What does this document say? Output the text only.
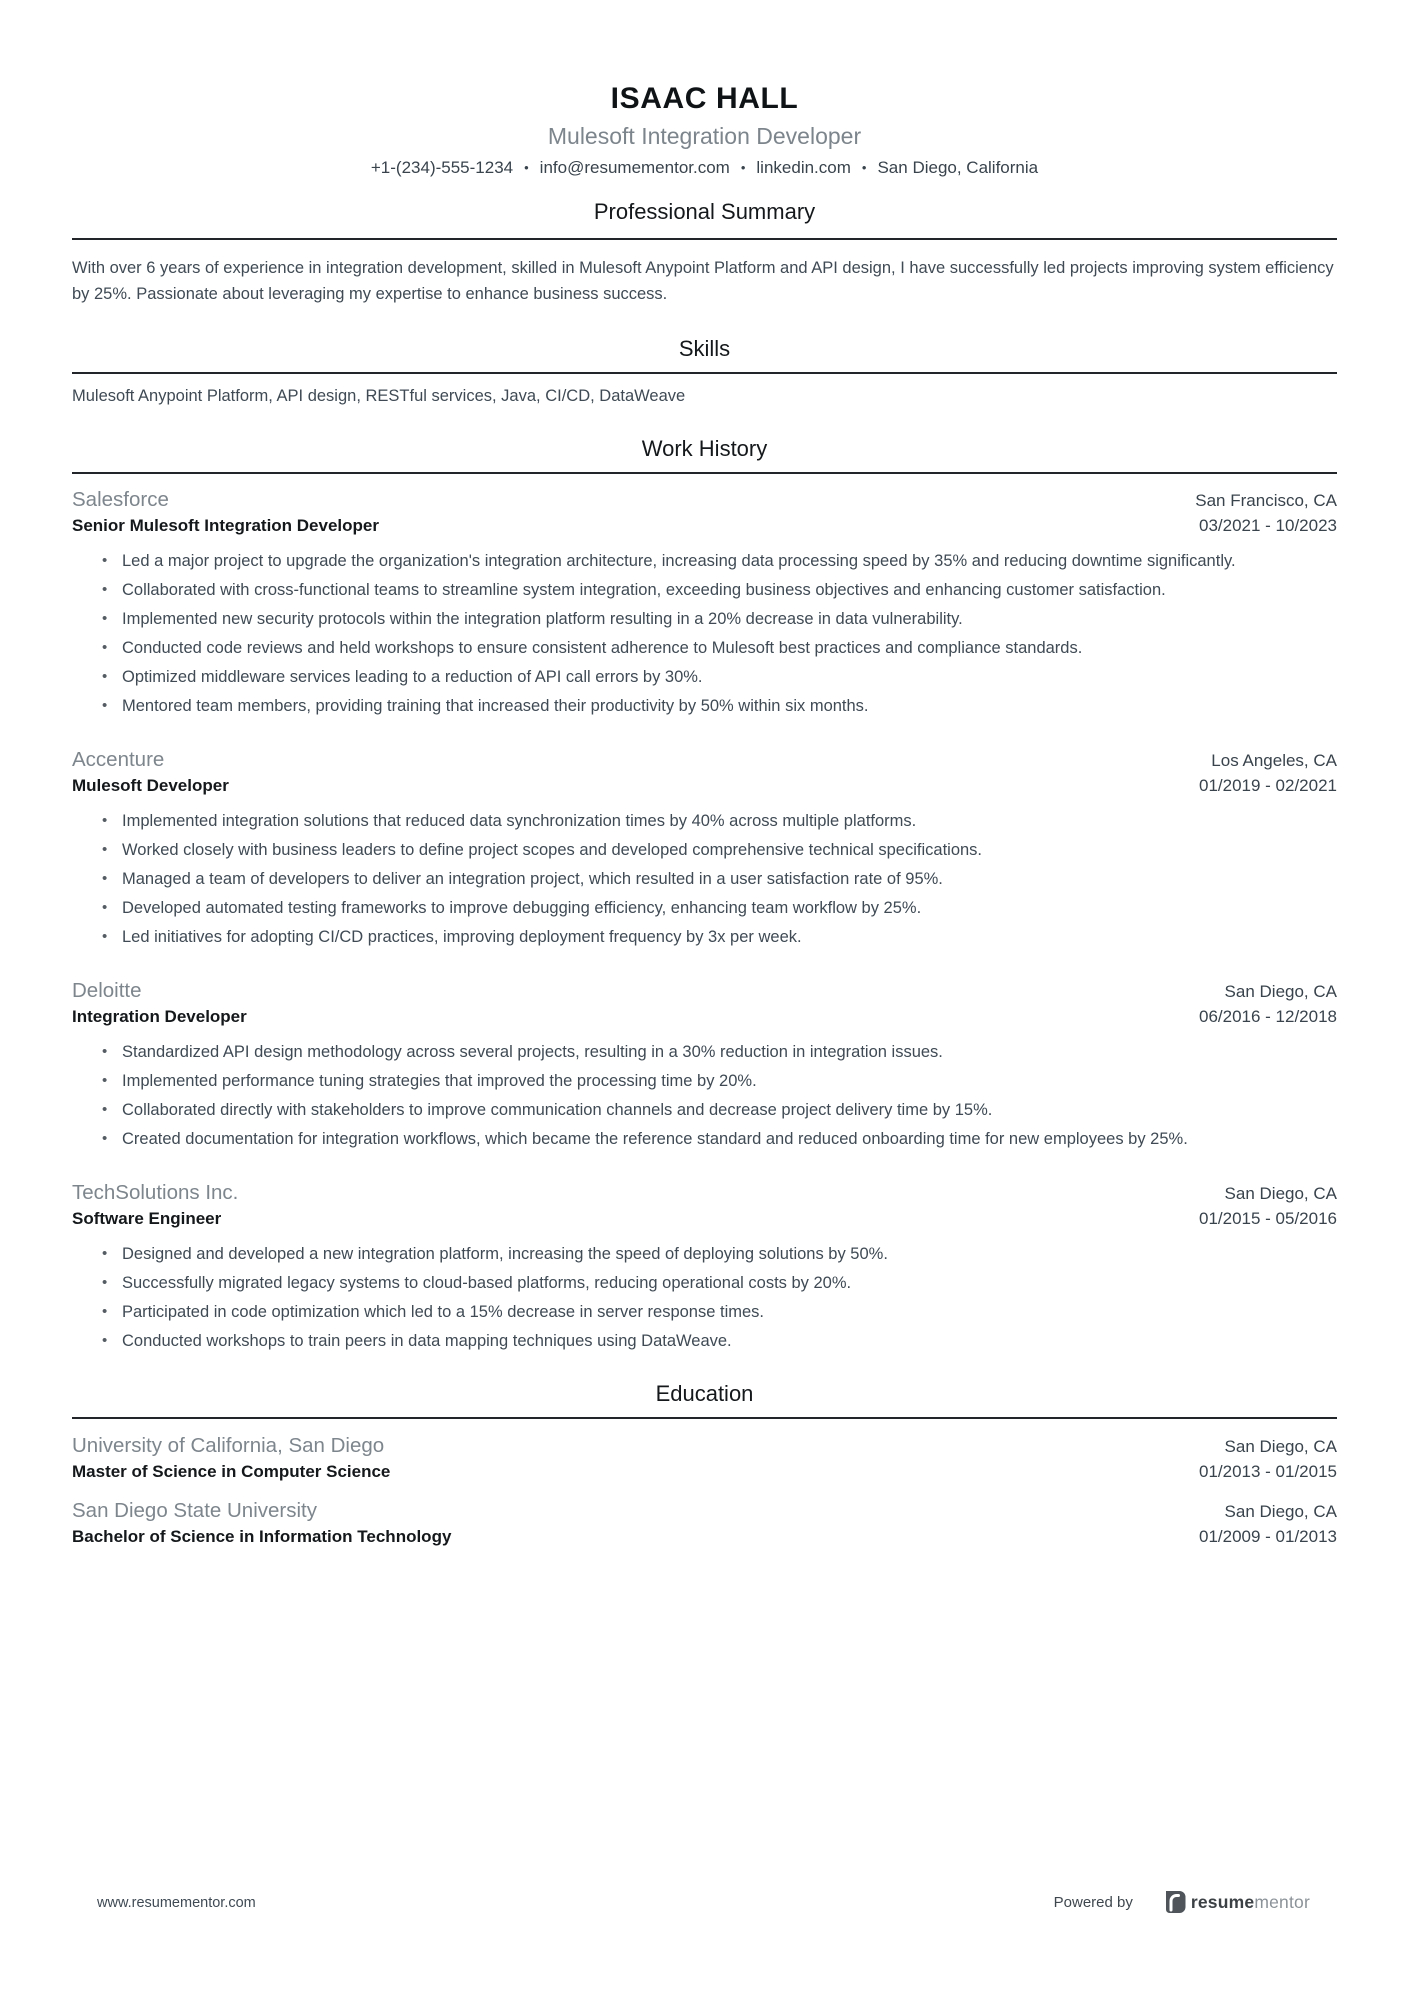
ISAAC HALL
Mulesoft Integration Developer
+1-(234)-555-1234 • info@resumementor.com • linkedin.com • San Diego, California
Professional Summary

With over 6 years of experience in integration development, skilled in Mulesoft Anypoint Platform and API design, I have successfully led projects improving system efficiency by 25%. Passionate about leveraging my expertise to enhance business success.

Skills

Mulesoft Anypoint Platform, API design, RESTful services, Java, CI/CD, DataWeave

Work History
Salesforce	San Francisco, CA
Senior Mulesoft Integration Developer	03/2021 - 10/2023
• Led a major project to upgrade the organization's integration architecture, increasing data processing speed by 35% and reducing downtime significantly.
• Collaborated with cross-functional teams to streamline system integration, exceeding business objectives and enhancing customer satisfaction.
• Implemented new security protocols within the integration platform resulting in a 20% decrease in data vulnerability.
• Conducted code reviews and held workshops to ensure consistent adherence to Mulesoft best practices and compliance standards.
• Optimized middleware services leading to a reduction of API call errors by 30%.
• Mentored team members, providing training that increased their productivity by 50% within six months.
Accenture	Los Angeles, CA
Mulesoft Developer	01/2019 - 02/2021
• Implemented integration solutions that reduced data synchronization times by 40% across multiple platforms.
• Worked closely with business leaders to define project scopes and developed comprehensive technical specifications.
• Managed a team of developers to deliver an integration project, which resulted in a user satisfaction rate of 95%.
• Developed automated testing frameworks to improve debugging efficiency, enhancing team workflow by 25%.
• Led initiatives for adopting CI/CD practices, improving deployment frequency by 3x per week.
Deloitte	San Diego, CA
Integration Developer	06/2016 - 12/2018
• Standardized API design methodology across several projects, resulting in a 30% reduction in integration issues.
• Implemented performance tuning strategies that improved the processing time by 20%.
• Collaborated directly with stakeholders to improve communication channels and decrease project delivery time by 15%.
• Created documentation for integration workflows, which became the reference standard and reduced onboarding time for new employees by 25%.
TechSolutions Inc.	San Diego, CA
Software Engineer	01/2015 - 05/2016
• Designed and developed a new integration platform, increasing the speed of deploying solutions by 50%.
• Successfully migrated legacy systems to cloud-based platforms, reducing operational costs by 20%.
• Participated in code optimization which led to a 15% decrease in server response times.
• Conducted workshops to train peers in data mapping techniques using DataWeave.
Education
University of California, San Diego	San Diego, CA
Master of Science in Computer Science	01/2013 - 01/2015
San Diego State University	San Diego, CA
Bachelor of Science in Information Technology	01/2009 - 01/2013
www.resumementor.com	Powered by	resumementor
